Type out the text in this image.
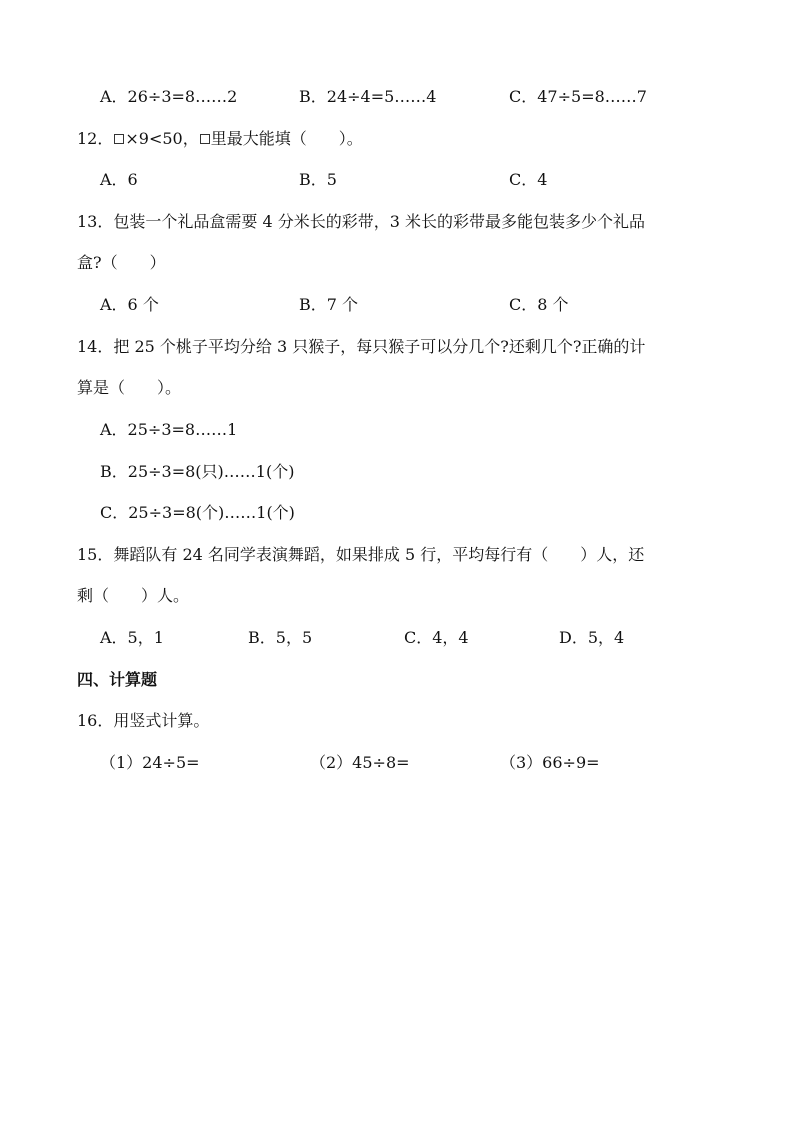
A．26÷3=8……2	B．24÷4=5……4	C．47÷5=8……7
12． ×9<50， 里最大能填（　　）。
A．6	B．5	C．4
13．包装一个礼品盒需要 4 分米长的彩带，3 米长的彩带最多能包装多少个礼品
盒?（　　）
A．6 个	B．7 个	C．8 个
14．把 25 个桃子平均分给 3 只猴子，每只猴子可以分几个?还剩几个?正确的计
算是（　　）。
A．25÷3=8……1
B．25÷3=8(只)……1(个)
C．25÷3=8(个)……1(个)
15．舞蹈队有 24 名同学表演舞蹈，如果排成 5 行，平均每行有（　　）人，还
剩（　　）人。
A．5，1	B．5，5	C．4，4	D．5，4
四、计算题
16．用竖式计算。
（1）24÷5=	（2）45÷8=	（3）66÷9=
